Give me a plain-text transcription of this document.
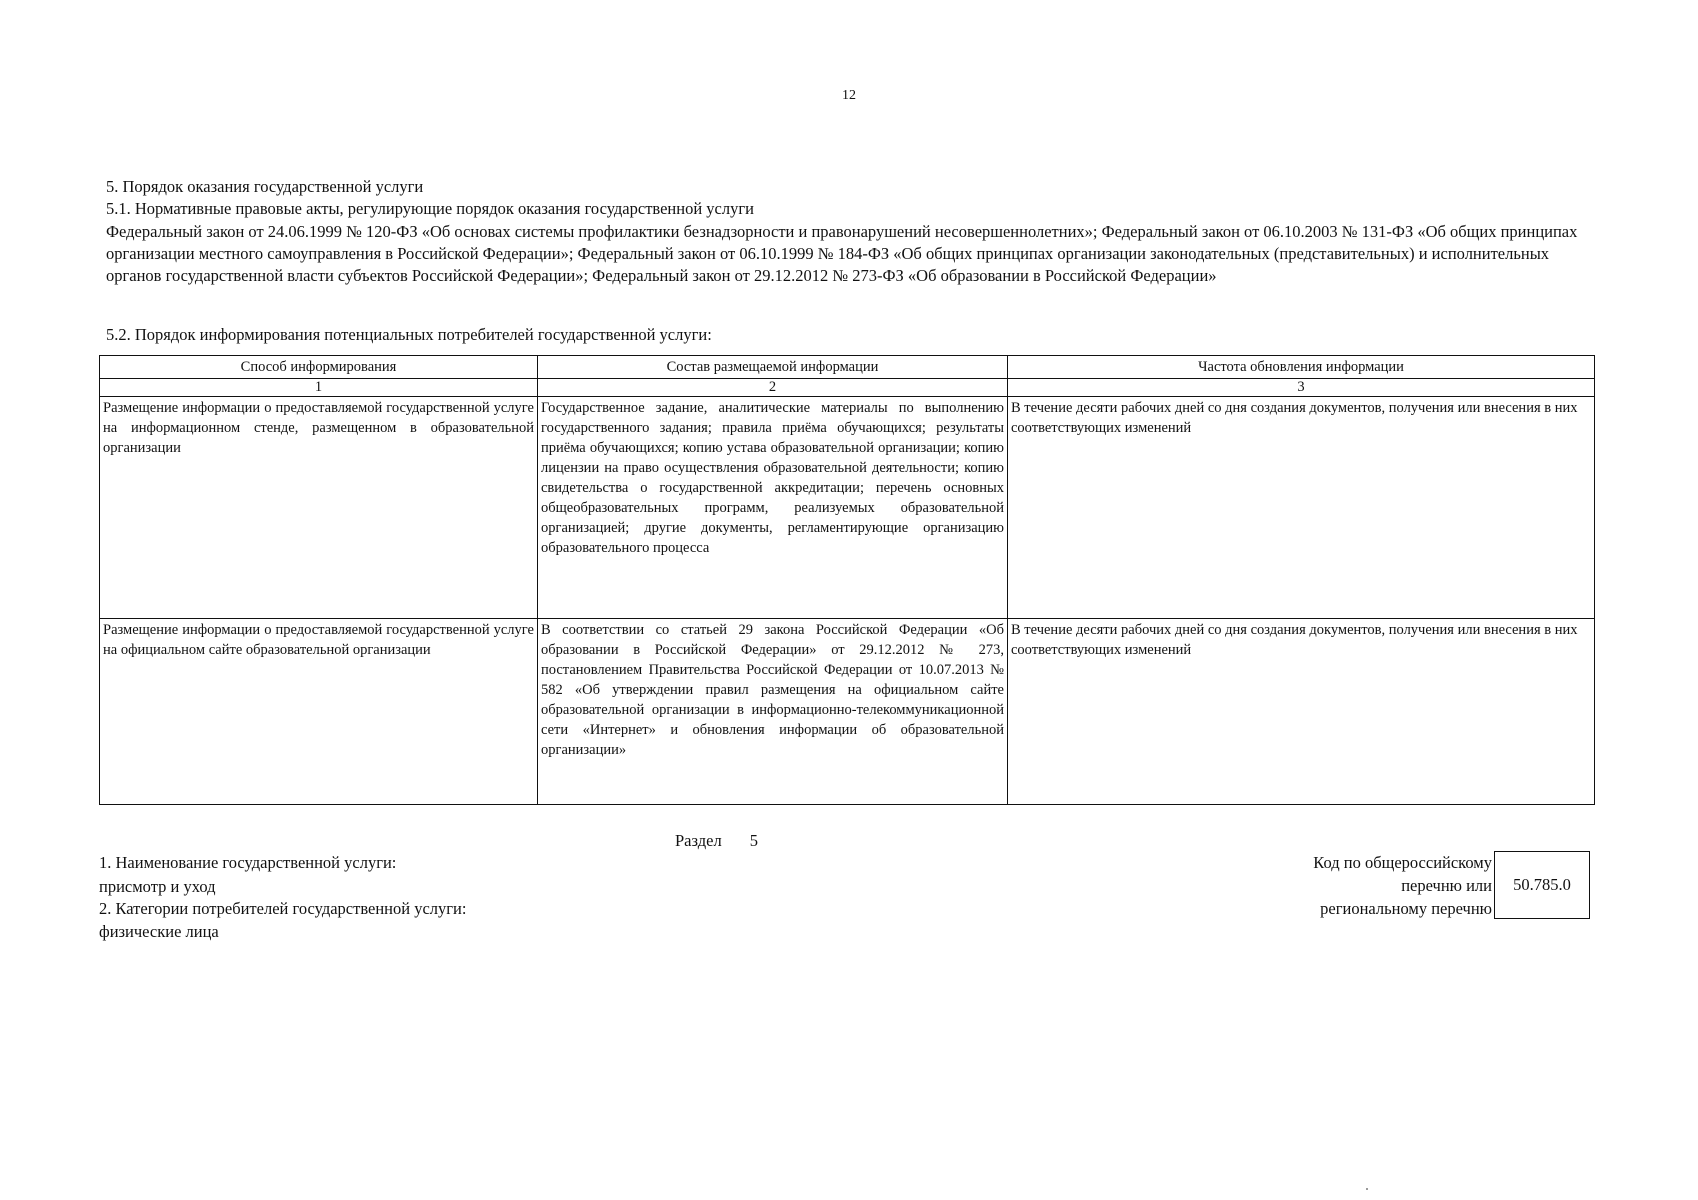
12
5. Порядок оказания государственной услуги
5.1. Нормативные правовые акты, регулирующие порядок оказания государственной услуги
Федеральный закон от 24.06.1999 № 120-ФЗ «Об основах системы профилактики безнадзорности и правонарушений несовершеннолетних»; Федеральный закон от 06.10.2003 № 131-ФЗ «Об общих принципах организации местного самоуправления в Российской Федерации»; Федеральный закон от 06.10.1999 № 184-ФЗ «Об общих принципах организации законодательных (представительных) и исполнительных органов государственной власти субъектов Российской Федерации»; Федеральный закон от 29.12.2012 № 273-ФЗ «Об образовании в Российской Федерации»
5.2. Порядок информирования потенциальных потребителей государственной услуги:
Способ информирования	Состав размещаемой информации	Частота обновления информации
1	2	3
Размещение информации о предоставляемой государственной услуге на информационном стенде, размещенном в образовательной организации	Государственное задание, аналитические материалы по выполнению государственного задания; правила приёма обучающихся; результаты приёма обучающихся; копию устава образовательной организации; копию лицензии на право осуществления образовательной деятельности; копию свидетельства о государственной аккредитации; перечень основных общеобразовательных программ, реализуемых образовательной организацией; другие документы, регламентирующие организацию образовательного процесса	В течение десяти рабочих дней со дня создания документов, получения или внесения в них соответствующих изменений
Размещение информации о предоставляемой государственной услуге на официальном сайте образовательной организации	В соответствии со статьей 29 закона Российской Федерации «Об образовании в Российской Федерации» от 29.12.2012 № 273, постановлением Правительства Российской Федерации от 10.07.2013 № 582 «Об утверждении правил размещения на официальном сайте образовательной организации в информационно-телекоммуникационной сети «Интернет» и обновления информации об образовательной организации»	В течение десяти рабочих дней со дня создания документов, получения или внесения в них соответствующих изменений
Раздел 5
1. Наименование государственной услуги:
присмотр и уход
2. Категории потребителей государственной услуги:
физические лица
Код по общероссийскому
перечню или
региональному перечню
50.785.0
